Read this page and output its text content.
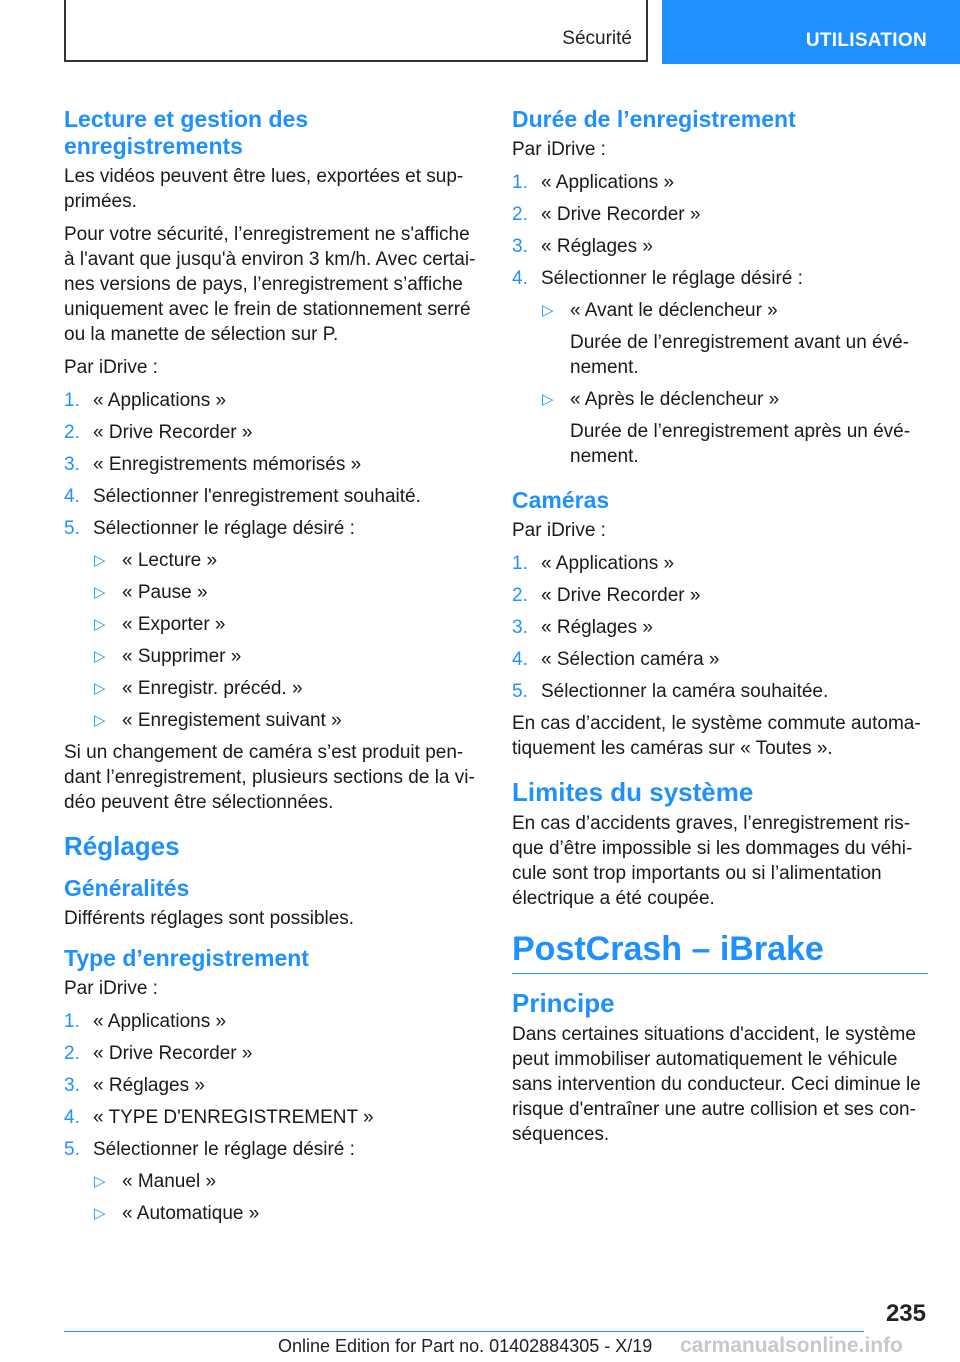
Sécurité	UTILISATION
Lecture et gestion des enregistrements

Les vidéos peuvent être lues, exportées et supprimées.

Pour votre sécurité, l’enregistrement ne s'affiche à l'avant que jusqu'à environ 3 km/h. Avec certaines versions de pays, l’enregistrement s’affiche uniquement avec le frein de stationnement serré ou la manette de sélection sur P.

Par iDrive :

1. « Applications »
2. « Drive Recorder »
3. « Enregistrements mémorisés »
4. Sélectionner l'enregistrement souhaité.
5. Sélectionner le réglage désiré :
▷ « Lecture »
▷ « Pause »
▷ « Exporter »
▷ « Supprimer »
▷ « Enregistr. précéd. »
▷ « Enregistement suivant »

Si un changement de caméra s’est produit pendant l’enregistrement, plusieurs sections de la vidéo peuvent être sélectionnées.

Réglages
Généralités

Différents réglages sont possibles.

Type d’enregistrement

Par iDrive :

1. « Applications »
2. « Drive Recorder »
3. « Réglages »
4. « TYPE D'ENREGISTREMENT »
5. Sélectionner le réglage désiré :
▷ « Manuel »
▷ « Automatique »
Durée de l’enregistrement

Par iDrive :

1. « Applications »
2. « Drive Recorder »
3. « Réglages »
4. Sélectionner le réglage désiré :
▷ « Avant le déclencheur »
Durée de l’enregistrement avant un événement.
▷ « Après le déclencheur »
Durée de l’enregistrement après un événement.
Caméras

Par iDrive :

1. « Applications »
2. « Drive Recorder »
3. « Réglages »
4. « Sélection caméra »
5. Sélectionner la caméra souhaitée.

En cas d’accident, le système commute automatiquement les caméras sur « Toutes ».

Limites du système

En cas d’accidents graves, l’enregistrement risque d’être impossible si les dommages du véhicule sont trop importants ou si l’alimentation électrique a été coupée.

PostCrash – iBrake
Principe

Dans certaines situations d'accident, le système peut immobiliser automatiquement le véhicule sans intervention du conducteur. Ceci diminue le risque d'entraîner une autre collision et ses conséquences.

235
Online Edition for Part no. 01402884305 - X/19 carmanualsonline.info
